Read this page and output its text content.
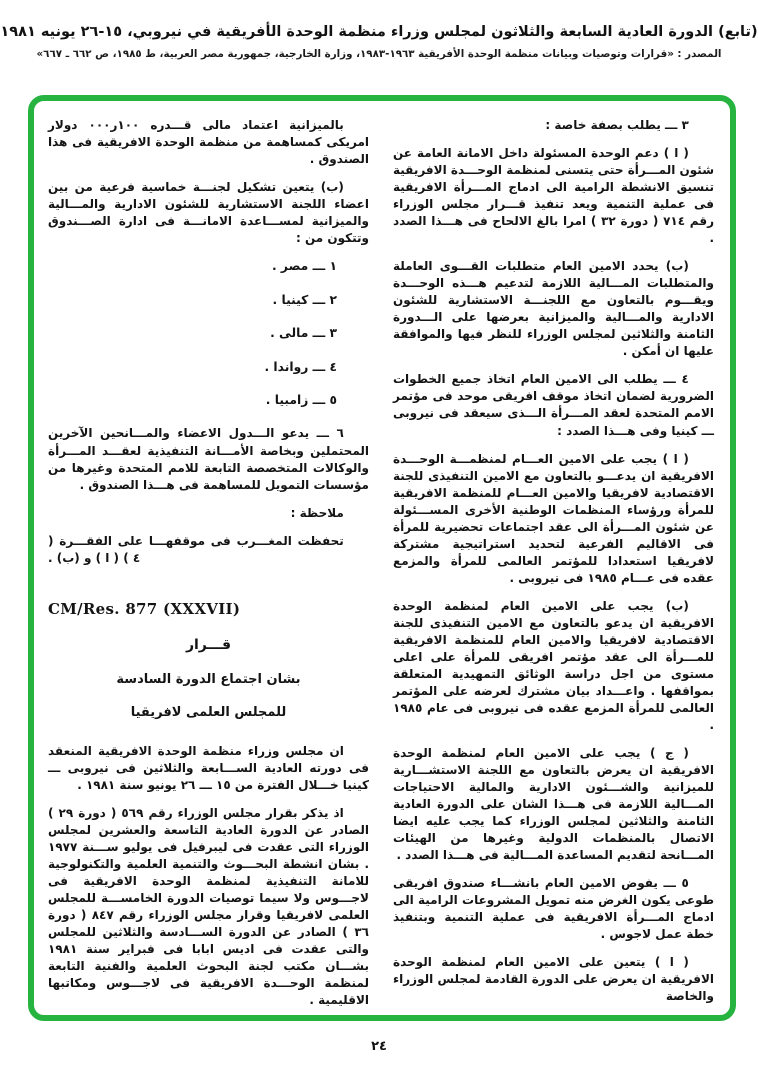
(تابع) الدورة العادية السابعة والثلاثون لمجلس وزراء منظمة الوحدة الأفريقية في نيروبي، ‪١٥-٢٦‬ يونيه ١٩٨١
المصدر : «قرارات وتوصيات وبيانات منظمة الوحدة الأفريقية ‪١٩٦٣-١٩٨٣‬، وزارة الخارجية، جمهورية مصر العربية، ط ١٩٨٥، ص ٦٦٢ ـ ٦٦٧»

٣ ـــ يطلب بصفة خاصة :

( ا ) دعم الوحدة المسئولة داخل الامانة العامة عن شئون المـــرأة حتى يتسنى لمنظمة الوحـــدة الافريقية تنسيق الانشطة الرامية الى ادماج المـــرأة الافريقية فى عملية التنمية ويعد تنفيذ قـــرار مجلس الوزراء رقم ٧١٤ ( دورة ٣٢ ) امرا بالغ الالحاح فى هـــذا الصدد .

(ب) يحدد الامين العام متطلبات القـــوى العاملة والمتطلبات المـــالية اللازمة لتدعيم هـــذه الوحـــدة ويقـــوم بالتعاون مع اللجنـــة الاستشارية للشئون الادارية والمـــالية والميزانية بعرضها على الـــدورة الثامنة والثلاثين لمجلس الوزراء للنظر فيها والموافقة عليها ان أمكن .

٤ ـــ يطلب الى الامين العام اتخاذ جميع الخطوات الضرورية لضمان اتخاذ موقف افريقى موحد فى مؤتمر الامم المتحدة لعقد المـــرأة الـــذى سيعقد فى نيروبى ـــ كينيا وفى هـــذا الصدد :

( ا ) يجب على الامين العـــام لمنظمـــة الوحـــدة الافريقية ان يدعـــو بالتعاون مع الامين التنفيذى للجنة الاقتصادية لافريقيا والامين العـــام للمنظمة الافريقية للمرأة ورؤساء المنظمات الوطنية الأخرى المســـئولة عن شئون المـــرأة الى عقد اجتماعات تحضيرية للمرأة فى الاقاليم الفرعية لتحديد استراتيجية مشتركة لافريقيا استعدادا للمؤتمر العالمى للمرأة والمزمع عقده فى عـــام ١٩٨٥ فى نيروبى .

(ب) يجب على الامين العام لمنظمة الوحدة الافريقية ان يدعو بالتعاون مع الامين التنفيذى للجنة الاقتصادية لافريقيا والامين العام للمنظمة الافريقية للمـــرأة الى عقد مؤتمر افريقى للمرأة على اعلى مستوى من اجل دراسة الوثائق التمهيدية المتعلقة بمواقفها . واعـــداد بيان مشترك لعرضه على المؤتمر العالمى للمرأة المزمع عقده فى نيروبى فى عام ١٩٨٥ .

( ج ) يجب على الامين العام لمنظمة الوحدة الافريقية ان يعرض بالتعاون مع اللجنة الاستشـــارية للميزانية والشـــئون الادارية والمالية الاحتياجات المـــالية اللازمة فى هـــذا الشان على الدورة العادية الثامنة والثلاثين لمجلس الوزراء كما يجب عليه ايضا الاتصال بالمنظمات الدولية وغيرها من الهيئات المـــانحة لتقديم المساعدة المـــالية فى هـــذا الصدد .

٥ ـــ يفوض الامين العام بانشـــاء صندوق افريقى طوعى يكون الغرض منه تمويل المشروعات الرامية الى ادماج المـــرأة الافريقية فى عملية التنمية وبتنفيذ خطة عمل لاجوس .

( ا ) يتعين على الامين العام لمنظمة الوحدة الافريقية ان يعرض على الدورة القادمة لمجلس الوزراء والخاصة

بالميزانية اعتماد مالى قـــدره ١٠٠ر٠٠٠ دولار امريكى كمساهمة من منظمة الوحدة الافريقية فى هذا الصندوق .

(ب) يتعين تشكيل لجنـــة خماسية فرعية من بين اعضاء اللجنة الاستشارية للشئون الادارية والمـــالية والميزانية لمســـاعدة الامانـــة فى ادارة الصـــندوق وتتكون من :

١ ـــ مصر .

٢ ـــ كينيا .

٣ ـــ مالى .

٤ ـــ رواندا .

٥ ـــ زامبيا .

٦ ـــ يدعو الـــدول الاعضاء والمـــانحين الآخرين المحتملين وبخاصة الأمـــانة التنفيذية لعقـــد المـــرأة والوكالات المتخصصة التابعة للامم المتحدة وغيرها من مؤسسات التمويل للمساهمة فى هـــذا الصندوق .

ملاحظة :

تحفظت المغـــرب فى موقفهـــا على الفقـــرة ( ٤ ) ( ا ) و (ب) .

CM/Res. 877 (XXXVII)

قـــرار

بشان اجتماع الدورة السادسة

للمجلس العلمى لافريقيا

ان مجلس وزراء منظمة الوحدة الافريقية المنعقد فى دورته العادية الســـابعة والثلاثين فى نيروبى ـــ كينيا خـــلال الفترة من ١٥ ـــ ٢٦ يونيو سنة ١٩٨١ .

اذ يذكر بقرار مجلس الوزراء رقم ٥٦٩ ( دورة ٢٩ ) الصادر عن الدورة العادية التاسعة والعشرين لمجلس الوزراء التى عقدت فى ليبرفيل فى يوليو ســـنة ١٩٧٧ . بشان انشطة البحـــوث والتنمية العلمية والتكنولوجية للامانة التنفيذية لمنظمة الوحدة الافريقية فى لاجـــوس ولا سيما توصيات الدورة الخامســـة للمجلس العلمى لافريقيا وقرار مجلس الوزراء رقم ٨٤٧ ( دورة ٣٦ ) الصادر عن الدورة الســـادسة والثلاثين للمجلس والتى عقدت فى اديس ابابا فى فبراير سنة ١٩٨١ بشـــان مكتب لجنة البحوث العلمية والفنية التابعة لمنظمة الوحـــدة الافريقية فى لاجـــوس ومكاتبها الاقليمية .

٢٤
